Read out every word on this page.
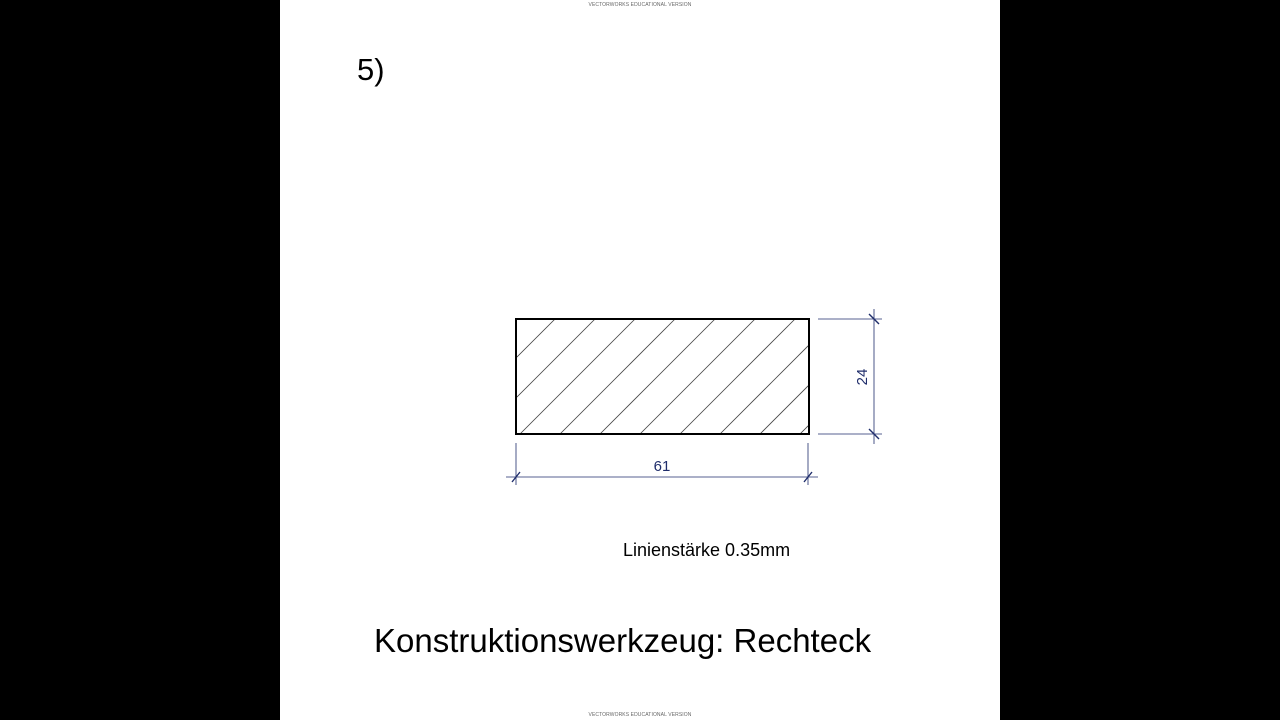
VECTORWORKS EDUCATIONAL VERSION
5)
61
24
Linienstärke 0.35mm
Konstruktionswerkzeug: Rechteck
VECTORWORKS EDUCATIONAL VERSION
